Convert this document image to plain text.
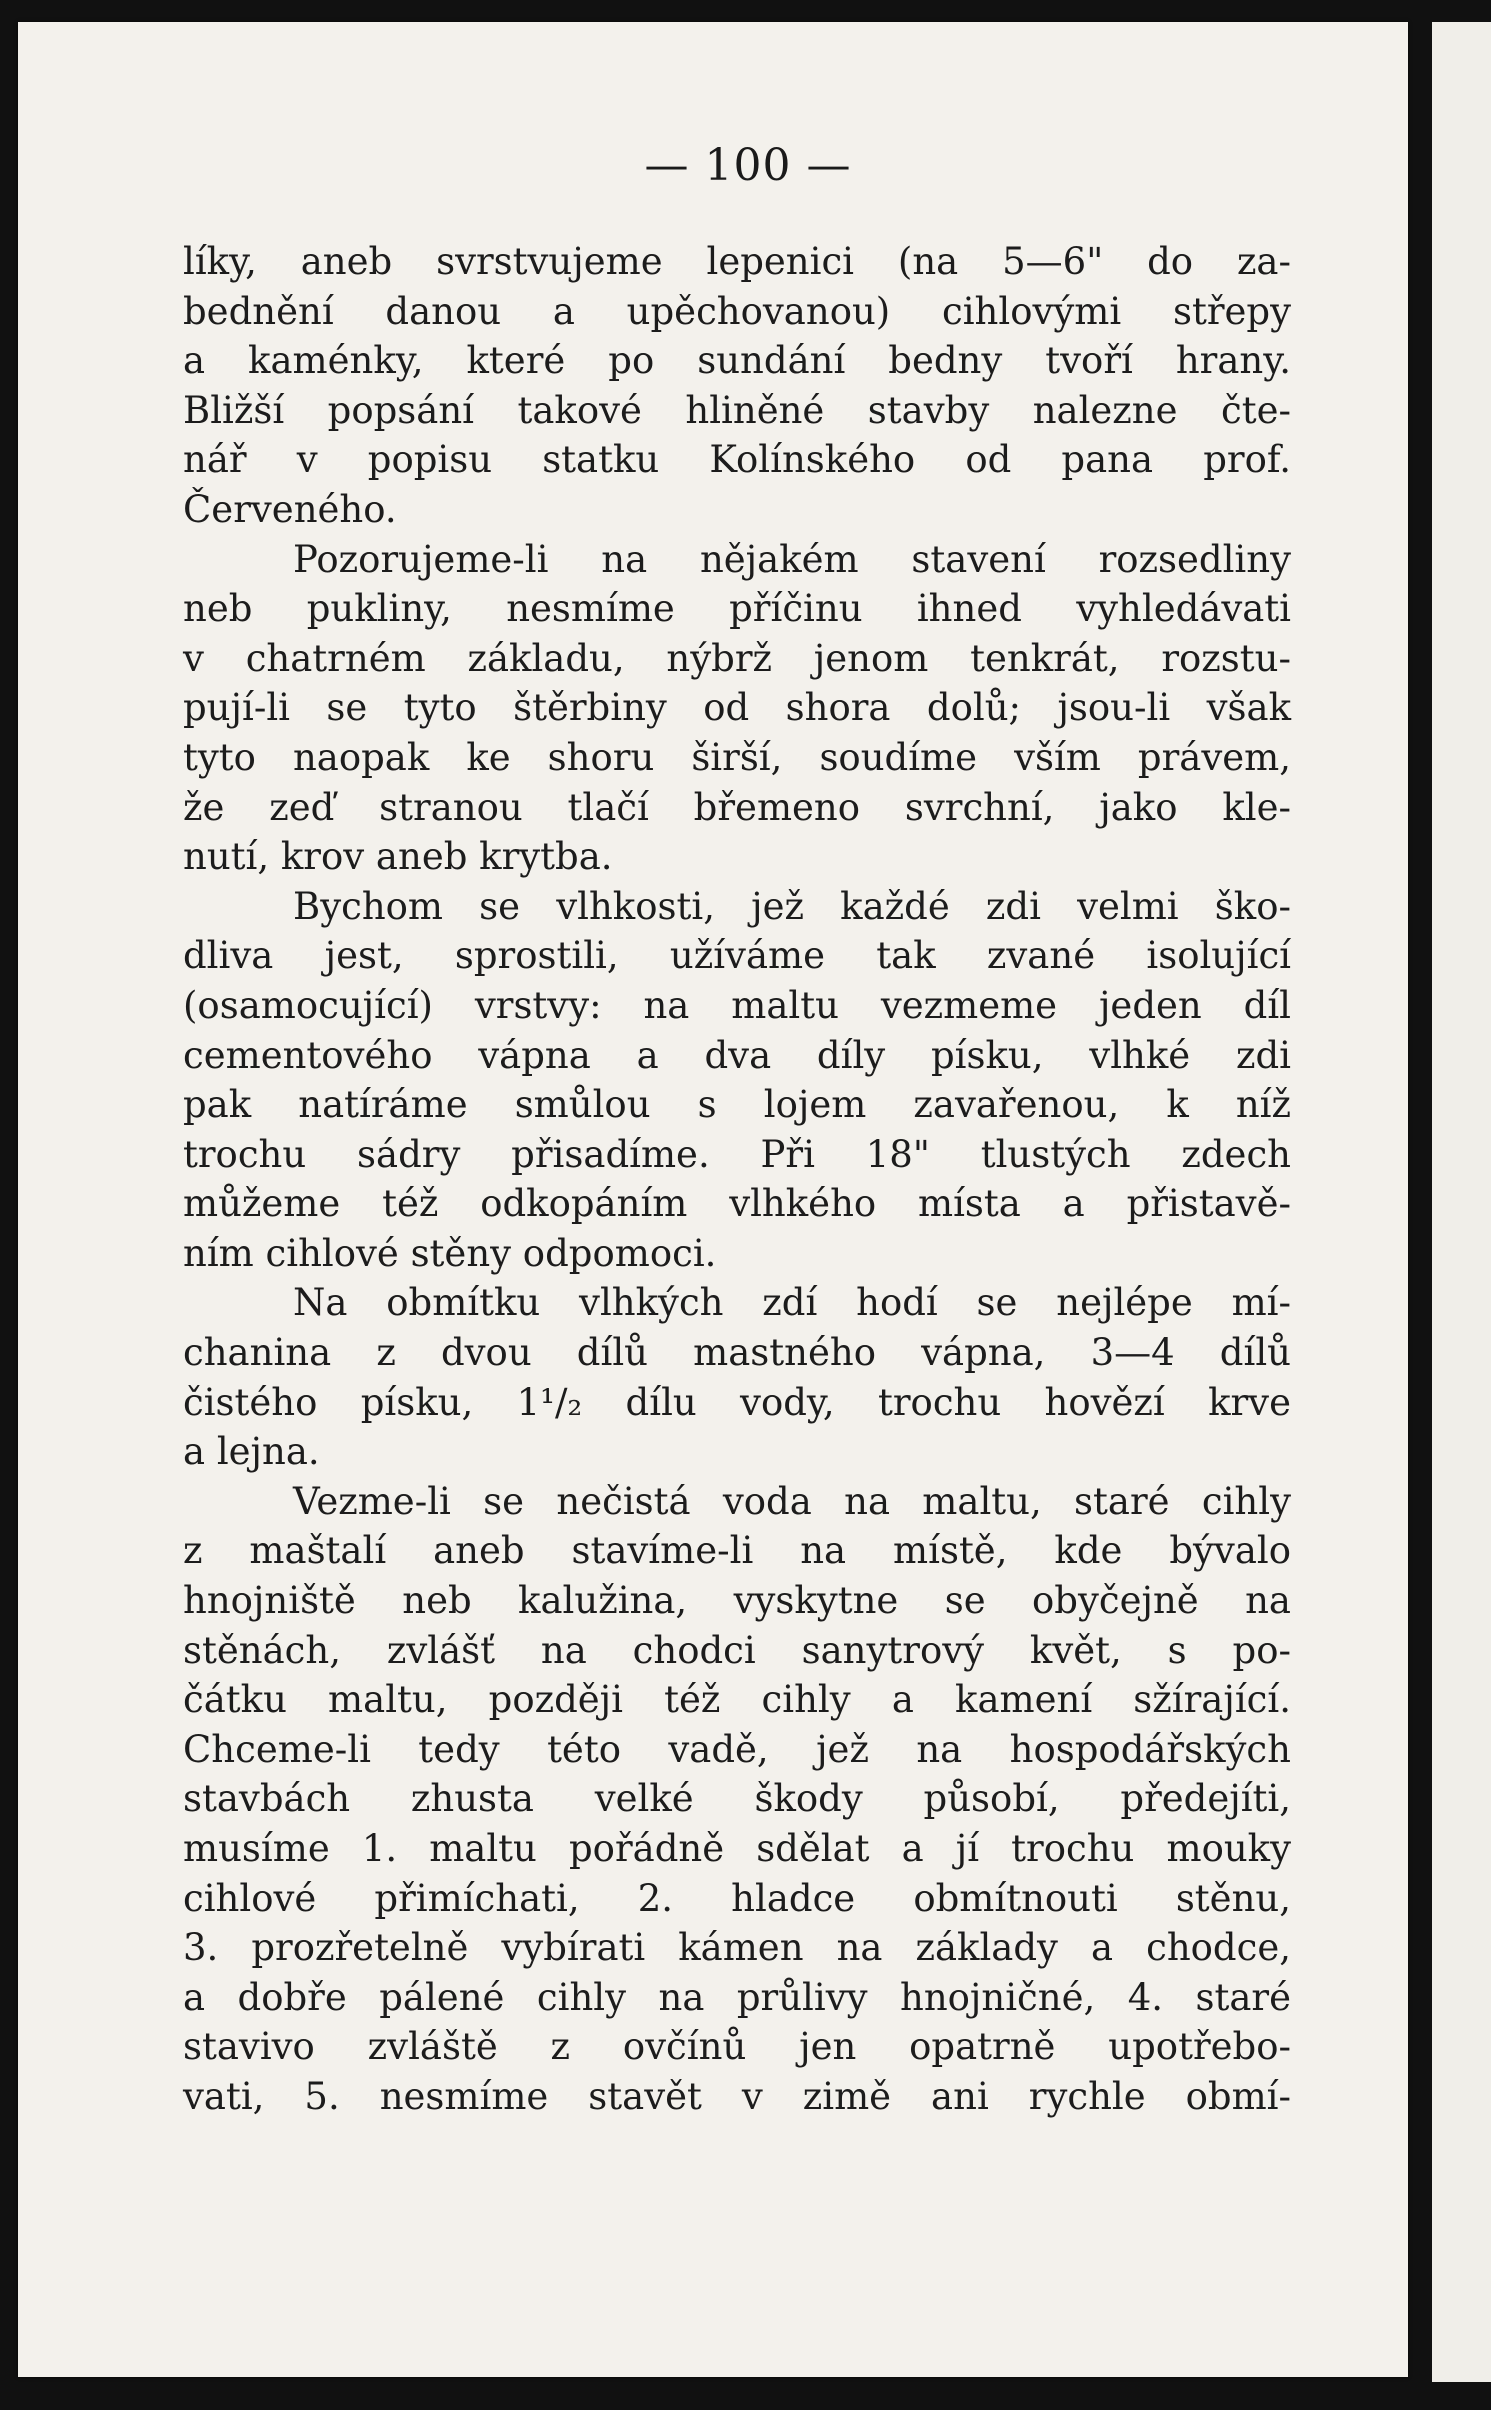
— 100 —
líky, aneb svrstvujeme lepenici (na 5—6" do za-
bednění danou a upěchovanou) cihlovými střepy
a kaménky, které po sundání bedny tvoří hrany.
Bližší popsání takové hliněné stavby nalezne čte-
nář v popisu statku Kolínského od pana prof.
Červeného.
Pozorujeme-li na nějakém stavení rozsedliny
neb pukliny, nesmíme příčinu ihned vyhledávati
v chatrném základu, nýbrž jenom tenkrát, rozstu-
pují-li se tyto štěrbiny od shora dolů; jsou-li však
tyto naopak ke shoru širší, soudíme vším právem,
že zeď stranou tlačí břemeno svrchní, jako kle-
nutí, krov aneb krytba.
Bychom se vlhkosti, jež každé zdi velmi ško-
dliva jest, sprostili, užíváme tak zvané isolující
(osamocující) vrstvy: na maltu vezmeme jeden díl
cementového vápna a dva díly písku, vlhké zdi
pak natíráme smůlou s lojem zavařenou, k níž
trochu sádry přisadíme. Při 18" tlustých zdech
můžeme též odkopáním vlhkého místa a přistavě-
ním cihlové stěny odpomoci.
Na obmítku vlhkých zdí hodí se nejlépe mí-
chanina z dvou dílů mastného vápna, 3—4 dílů
čistého písku, 1¹/₂ dílu vody, trochu hovězí krve
a lejna.
Vezme-li se nečistá voda na maltu, staré cihly
z maštalí aneb stavíme-li na místě, kde bývalo
hnojniště neb kalužina, vyskytne se obyčejně na
stěnách, zvlášť na chodci sanytrový květ, s po-
čátku maltu, později též cihly a kamení sžírající.
Chceme-li tedy této vadě, jež na hospodářských
stavbách zhusta velké škody působí, předejíti,
musíme 1. maltu pořádně sdělat a jí trochu mouky
cihlové přimíchati, 2. hladce obmítnouti stěnu,
3. prozřetelně vybírati kámen na základy a chodce,
a dobře pálené cihly na průlivy hnojničné, 4. staré
stavivo zvláště z ovčínů jen opatrně upotřebo-
vati, 5. nesmíme stavět v zimě ani rychle obmí-
